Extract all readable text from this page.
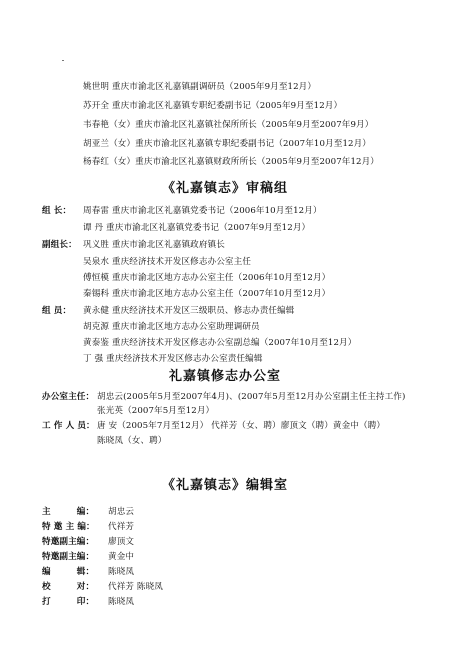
姚世明 重庆市渝北区礼嘉镇副调研员（2005年9月至12月）
苏开全 重庆市渝北区礼嘉镇专职纪委副书记（2005年9月至12月）
韦春艳（女）重庆市渝北区礼嘉镇社保所所长（2005年9月至2007年9月）
胡亚兰（女）重庆市渝北区礼嘉镇专职纪委副书记（2007年10月至12月）
杨春红（女）重庆市渝北区礼嘉镇财政所所长（2005年9月至2007年12月）
《礼嘉镇志》审稿组
组 长： 周春雷 重庆市渝北区礼嘉镇党委书记（2006年10月至12月）
谭 丹 重庆市渝北区礼嘉镇党委书记（2007年9月至12月）
副组长： 巩义胜 重庆市渝北区礼嘉镇政府镇长
吴泉水 重庆经济技术开发区修志办公室主任
傅恒模 重庆市渝北区地方志办公室主任（2006年10月至12月）
秦锡科 重庆市渝北区地方志办公室主任（2007年10月至12月）
组 员： 黄永健 重庆经济技术开发区三级职员、修志办责任编辑
胡克源 重庆市渝北区地方志办公室助理调研员
黄泰鉴 重庆经济技术开发区修志办公室副总编（2007年10月至12月）
丁 强 重庆经济技术开发区修志办公室责任编辑
礼嘉镇修志办公室
办公室主任： 胡忠云(2005年5月至2007年4月)、(2007年5月至12月办公室副主任主持工作)
张光英（2007年5月至12月）
工 作 人 员： 唐 安（2005年7月至12月） 代祥芳（女、聘）廖顶文（聘）黄金中（聘）
陈晓凤（女、聘）
《礼嘉镇志》编辑室
主　　　编： 胡忠云
特 邀 主 编： 代祥芳
特邀副主编： 廖顶文
特邀副主编： 黄金中
编　　　辑： 陈晓凤
校　　　对： 代祥芳 陈晓凤
打　　　印： 陈晓凤
